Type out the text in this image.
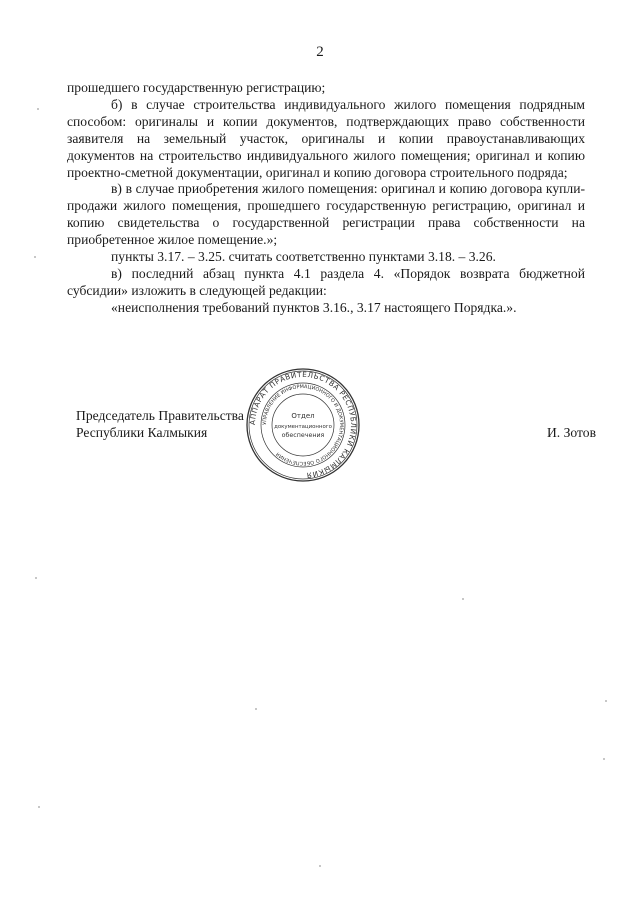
2

прошедшего государственную регистрацию;

б) в случае строительства индивидуального жилого помещения подрядным способом: оригиналы и копии документов, подтверждающих право собственности заявителя на земельный участок, оригиналы и копии правоустанавливающих документов на строительство индивидуального жилого помещения; оригинал и копию проектно-сметной документации, оригинал и копию договора строительного подряда;

в) в случае приобретения жилого помещения: оригинал и копию договора купли-продажи жилого помещения, прошедшего государственную регистрацию, оригинал и копию свидетельства о государственной регистрации права собственности на приобретенное жилое помещение.»;

пункты 3.17. – 3.25. считать соответственно пунктами 3.18. – 3.26.

в) последний абзац пункта 4.1 раздела 4. «Порядок возврата бюджетной субсидии» изложить в следующей редакции:

«неисполнения требований пунктов 3.16., 3.17 настоящего Порядка.».

Председатель Правительства
Республики Калмыкия	И. Зотов
АППАРАТ ПРАВИТЕЛЬСТВА РЕСПУБЛИКИ КАЛМЫКИЯ
УПРАВЛЕНИЕ ИНФОРМАЦИОННОГО И ДОКУМЕНТАЦИОННОГО ОБЕСПЕЧЕНИЯ
Отдел
документационного
обеспечения
